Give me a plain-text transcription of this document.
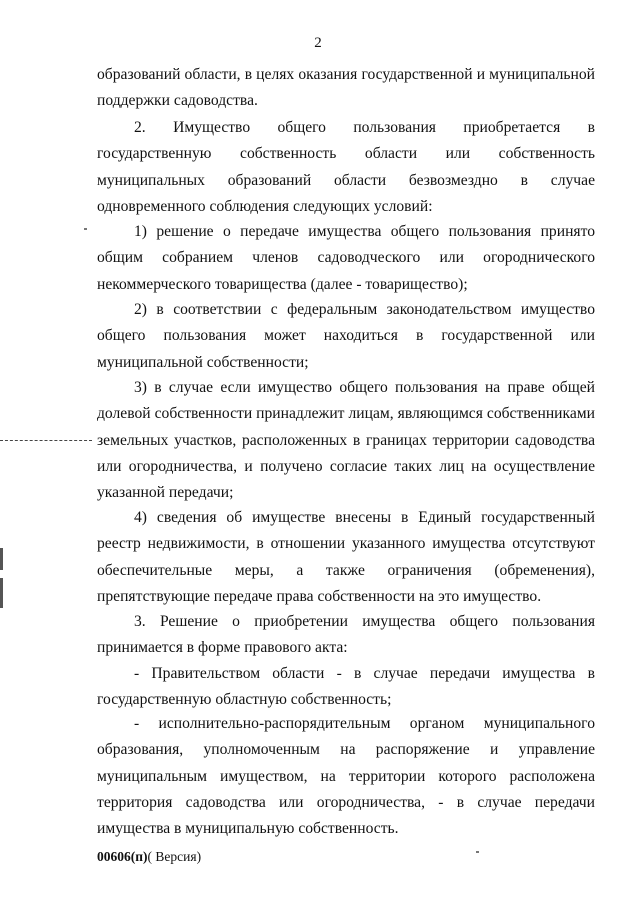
2

образований области, в целях оказания государственной и муниципальной поддержки садоводства.

2. Имущество общего пользования приобретается в государственную собственность области или собственность муниципальных образований области безвозмездно в случае одновременного соблюдения следующих условий:

1) решение о передаче имущества общего пользования принято общим собранием членов садоводческого или огороднического некоммерческого товарищества (далее - товарищество);

2) в соответствии с федеральным законодательством имущество общего пользования может находиться в государственной или муниципальной собственности;

3) в случае если имущество общего пользования на праве общей долевой собственности принадлежит лицам, являющимся собственниками земельных участков, расположенных в границах территории садоводства или огородничества, и получено согласие таких лиц на осуществление указанной передачи;

4) сведения об имуществе внесены в Единый государственный реестр недвижимости, в отношении указанного имущества отсутствуют обеспечительные меры, а также ограничения (обременения), препятствующие передаче права собственности на это имущество.

3. Решение о приобретении имущества общего пользования принимается в форме правового акта:

- Правительством области - в случае передачи имущества в государственную областную собственность;

- исполнительно-распорядительным органом муниципального образования, уполномоченным на распоряжение и управление муниципальным имуществом, на территории которого расположена территория садоводства или огородничества, - в случае передачи имущества в муниципальную собственность.

00606(п)( Версия)
